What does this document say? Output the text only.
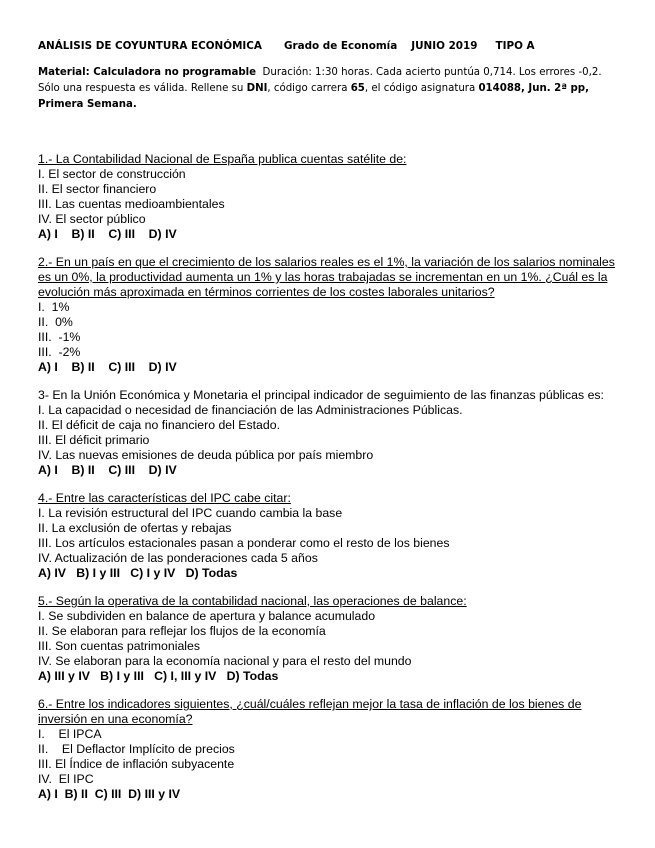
ANÁLISIS DE COYUNTURA ECONÓMICA Grado de Economía JUNIO 2019 TIPO A
Material: Calculadora no programable Duración: 1:30 horas. Cada acierto puntúa 0,714. Los errores -0,2.
Sólo una respuesta es válida. Rellene su DNI, código carrera 65, el código asignatura 014088, Jun. 2ª pp,
Primera Semana.
1.- La Contabilidad Nacional de España publica cuentas satélite de:
I. El sector de construcción
II. El sector financiero
III. Las cuentas medioambientales
IV. El sector público
A) I    B) II    C) III    D) IV
2.- En un país en que el crecimiento de los salarios reales es el 1%, la variación de los salarios nominales es un 0%, la productividad aumenta un 1% y las horas trabajadas se incrementan en un 1%. ¿Cuál es la evolución más aproximada en términos corrientes de los costes laborales unitarios?
I.  1%
II.  0%
III.  -1%
III.  -2%
A) I    B) II    C) III    D) IV
3- En la Unión Económica y Monetaria el principal indicador de seguimiento de las finanzas públicas es:
I. La capacidad o necesidad de financiación de las Administraciones Públicas.
II. El déficit de caja no financiero del Estado.
III. El déficit primario
IV. Las nuevas emisiones de deuda pública por país miembro
A) I    B) II    C) III    D) IV
4.- Entre las características del IPC cabe citar:
I. La revisión estructural del IPC cuando cambia la base
II. La exclusión de ofertas y rebajas
III. Los artículos estacionales pasan a ponderar como el resto de los bienes
IV. Actualización de las ponderaciones cada 5 años
A) IV   B) I y III   C) I y IV   D) Todas
5.- Según la operativa de la contabilidad nacional, las operaciones de balance:
I. Se subdividen en balance de apertura y balance acumulado
II. Se elaboran para reflejar los flujos de la economía
III. Son cuentas patrimoniales
IV. Se elaboran para la economía nacional y para el resto del mundo
A) III y IV   B) I y III   C) I, III y IV   D) Todas
6.- Entre los indicadores siguientes, ¿cuál/cuáles reflejan mejor la tasa de inflación de los bienes de inversión en una economía?
I.    El IPCA
II.    El Deflactor Implícito de precios
III. El Índice de inflación subyacente
IV.  El IPC
A) I  B) II  C) III  D) III y IV
